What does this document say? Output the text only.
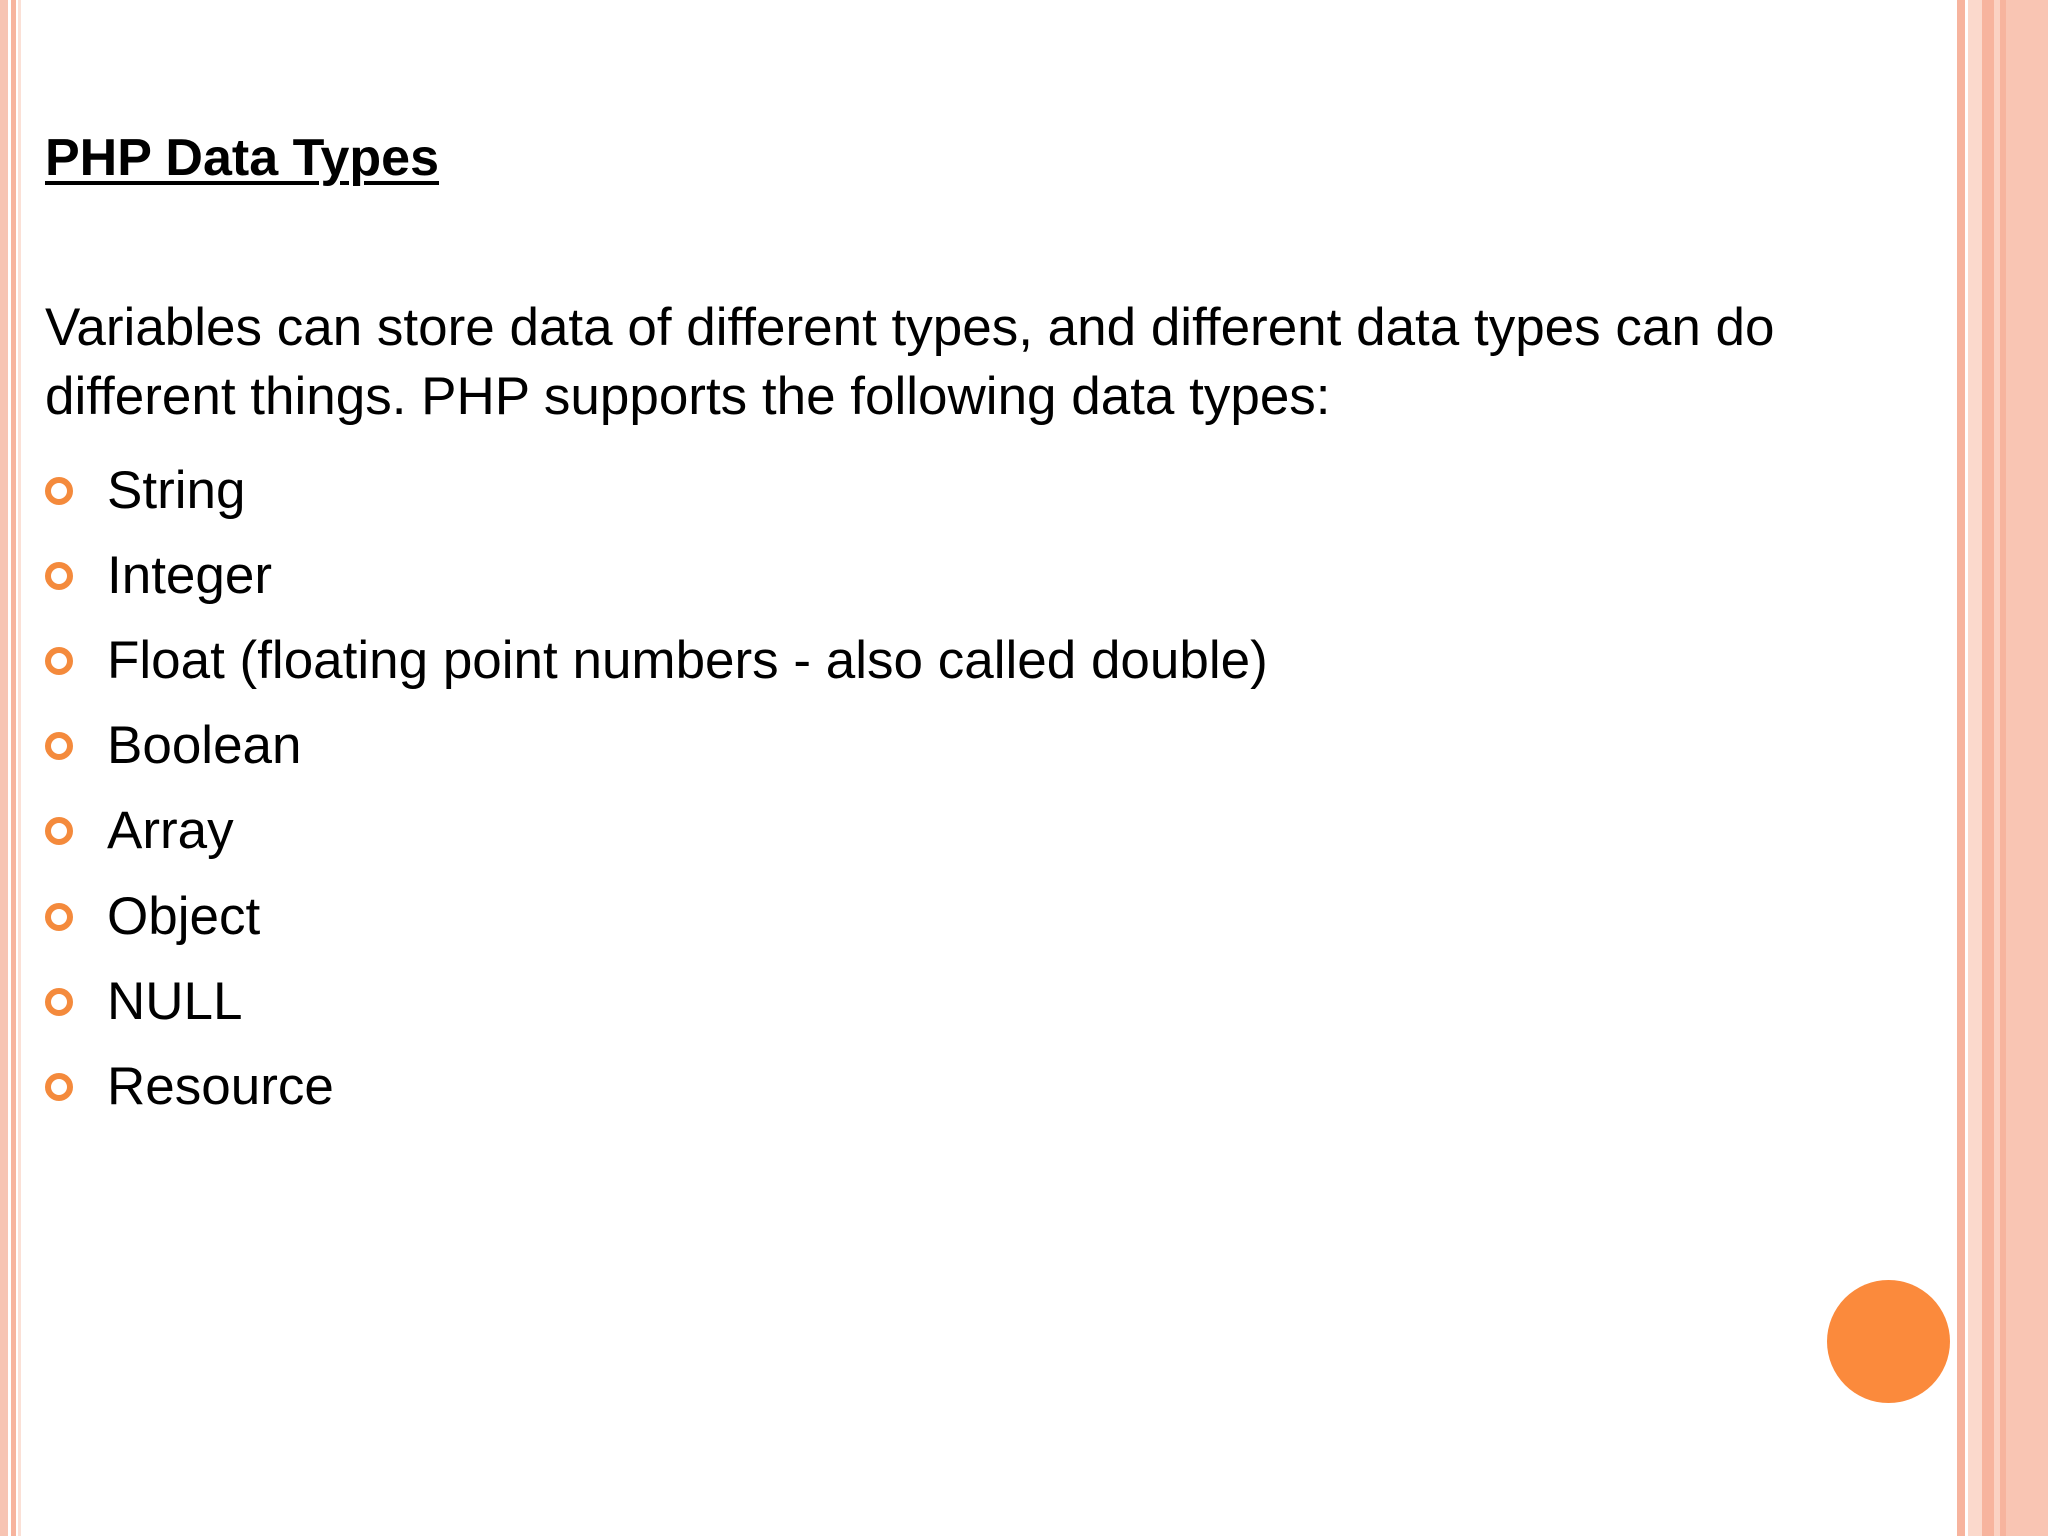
PHP Data Types
Variables can store data of different types, and different data types can do different things. PHP supports the following data types:
String
Integer
Float (floating point numbers - also called double)
Boolean
Array
Object
NULL
Resource
